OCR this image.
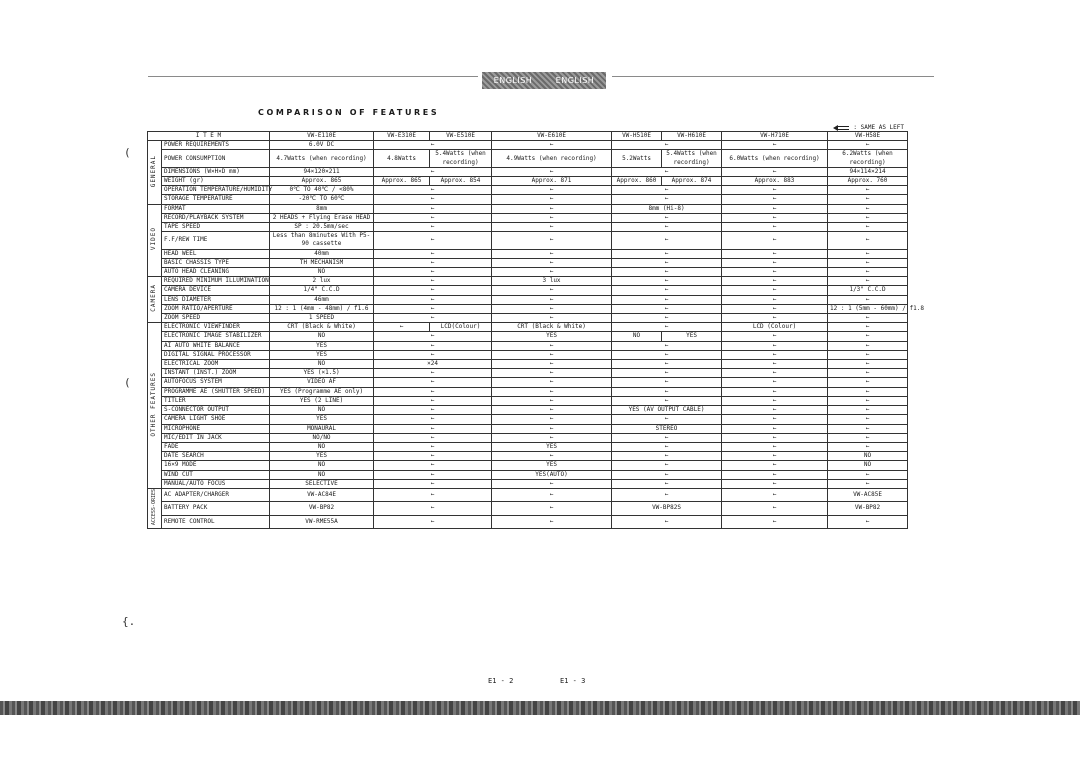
ENGLISH	ENGLISH
COMPARISON OF FEATURES
: SAME AS LEFT
I T E M		VW-E110E	VW-E310E	VW-E510E	VW-E610E	VW-H510E	VW-H610E	VW-H710E	VW-H58E
GENERAL	POWER REQUIREMENTS	6.0V DC	←		←	←		←	←
	POWER CONSUMPTION	4.7Watts (when recording)	4.8Watts	5.4Watts (when recording)	4.9Watts (when recording)	5.2Watts	5.4Watts (when recording)	6.0Watts (when recording)	6.2Watts (when recording)
	DIMENSIONS (W×H×D mm)	94×120×211	←		←	←		←	94×114×214
	WEIGHT (gr)	Approx. 865	Approx. 865	Approx. 854	Approx. 871	Approx. 860	Approx. 874	Approx. 883	Approx. 760
	OPERATION TEMPERATURE/HUMIDITY	0℃ TO 40℃ / <80%	←		←	←		←	←
	STORAGE TEMPERATURE	-20℃ TO 60℃	←		←	←		←	←
VIDEO	FORMAT	8mm	←		←	8mm (Hi-8)		←	←
	RECORD/PLAYBACK SYSTEM	2 HEADS + Flying Erase HEAD	←		←	←		←	←
	TAPE SPEED	SP : 20.5mm/sec	←		←	←		←	←
	F.F/REW TIME	Less than 8minutes With P5-90 cassette	←		←	←		←	←
	HEAD WEEL	40mm	←		←	←		←	←
	BASIC CHASSIS TYPE	TH MECHANISM	←		←	←		←	←
	AUTO HEAD CLEANING	NO	←		←	←		←	←
CAMERA	REQUIRED MINIMUM ILLUMINATION	2 lux	←		3 lux	←		←	←
	CAMERA DEVICE	1/4" C.C.D	←		←	←		←	1/3" C.C.D
	LENS DIAMETER	46mm	←		←	←		←	←
	ZOOM RATIO/APERTURE	12 : 1 (4mm - 48mm) / f1.6	←		←	←		←	12 : 1 (5mm - 60mm) / f1.8
	ZOOM SPEED	1 SPEED	←		←	←		←	←
OTHER FEATURES	ELECTRONIC VIEWFINDER	CRT (Black & White)	←	LCD(Colour)	CRT (Black & White)	←		LCD (Colour)	←
	ELECTRONIC IMAGE STABILIZER	NO	←		YES	NO	YES	←	←
	AI AUTO WHITE BALANCE	YES	←		←	←		←	←
	DIGITAL SIGNAL PROCESSOR	YES	←		←	←		←	←
	ELECTRICAL ZOOM	NO	×24		←	←		←	←
	INSTANT (INST.) ZOOM	YES (×1.5)	←		←	←		←	←
	AUTOFOCUS SYSTEM	VIDEO AF	←		←	←		←	←
	PROGRAMME AE (SHUTTER SPEED)	YES (Programme AE only)	←		←	←		←	←
	TITLER	YES (2 LINE)	←		←	←		←	←
	S-CONNECTOR OUTPUT	NO	←		←	YES (AV OUTPUT CABLE)		←	←
	CAMERA LIGHT SHOE	YES	←		←	←		←	←
	MICROPHONE	MONAURAL	←		←	STEREO		←	←
	MIC/EDIT IN JACK	NO/NO	←		←	←		←	←
	FADE	NO	←		YES	←		←	←
	DATE SEARCH	YES	←		←	←		←	NO
	16×9 MODE	NO	←		YES	←		←	NO
	WIND CUT	NO	←		YES(AUTO)	←		←	←
	MANUAL/AUTO FOCUS	SELECTIVE	←		←	←		←	←
ACCESS-ORIES	AC ADAPTER/CHARGER	VW-AC84E	←		←	←		←	VW-AC85E
	BATTERY PACK	VW-BP82	←		←	VW-BP82S		←	VW-BP82
	REMOTE CONTROL	VW-RME55A	←		←	←		←	←
(
(
{.
E1 - 2	E1 - 3
